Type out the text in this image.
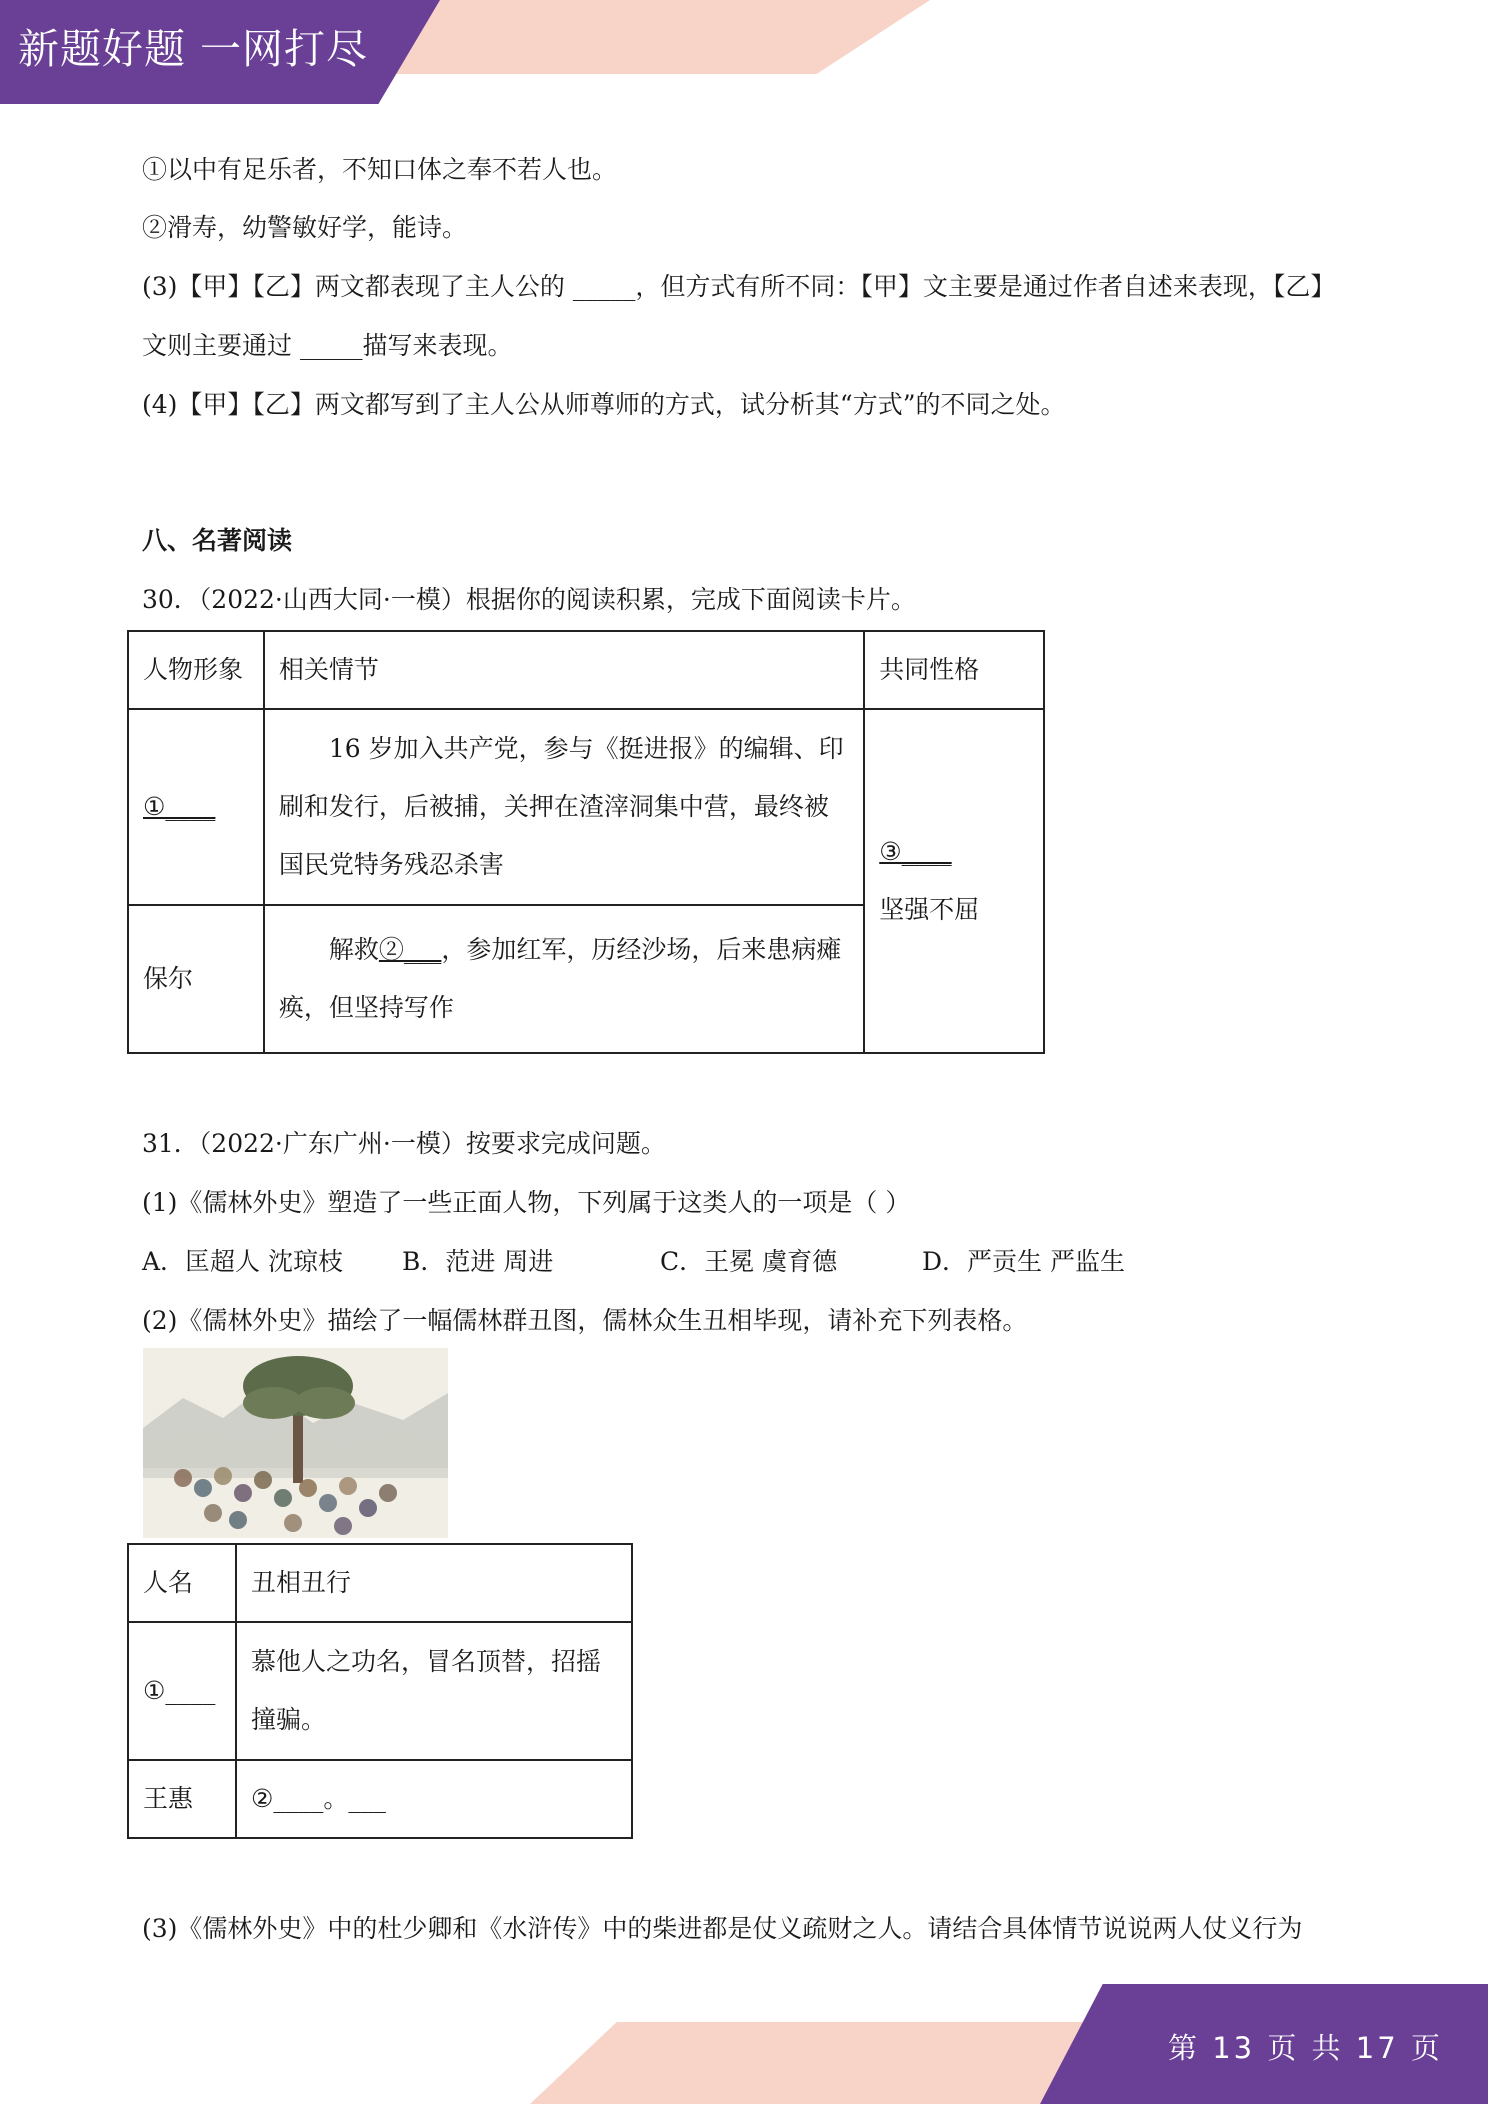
新题好题 一网打尽
①以中有足乐者，不知口体之奉不若人也。
②滑寿，幼警敏好学，能诗。
(3)【甲】【乙】两文都表现了主人公的 _____，但方式有所不同：【甲】文主要是通过作者自述来表现，【乙】
文则主要通过 _____描写来表现。
(4)【甲】【乙】两文都写到了主人公从师尊师的方式，试分析其“方式”的不同之处。
八、名著阅读
30．（2022·山西大同·一模）根据你的阅读积累，完成下面阅读卡片。
人物形象	相关情节	共同性格
①____	16 岁加入共产党，参与《挺进报》的编辑、印刷和发行，后被捕，关押在渣滓洞集中营，最终被国民党特务残忍杀害	③____
坚强不屈

保尔	解救②___，参加红军，历经沙场，后来患病瘫痪，但坚持写作	
31．（2022·广东广州·一模）按要求完成问题。
(1)《儒林外史》塑造了一些正面人物，下列属于这类人的一项是（ ）
A．匡超人 沈琼枝 B．范进 周进	C．王冕 虞育德	D．严贡生 严监生
(2)《儒林外史》描绘了一幅儒林群丑图，儒林众生丑相毕现，请补充下列表格。
人名	丑相丑行
①____	慕他人之功名，冒名顶替，招摇撞骗。
王惠	②____。___
(3)《儒林外史》中的杜少卿和《水浒传》中的柴进都是仗义疏财之人。请结合具体情节说说两人仗义行为
第 13 页 共 17 页
